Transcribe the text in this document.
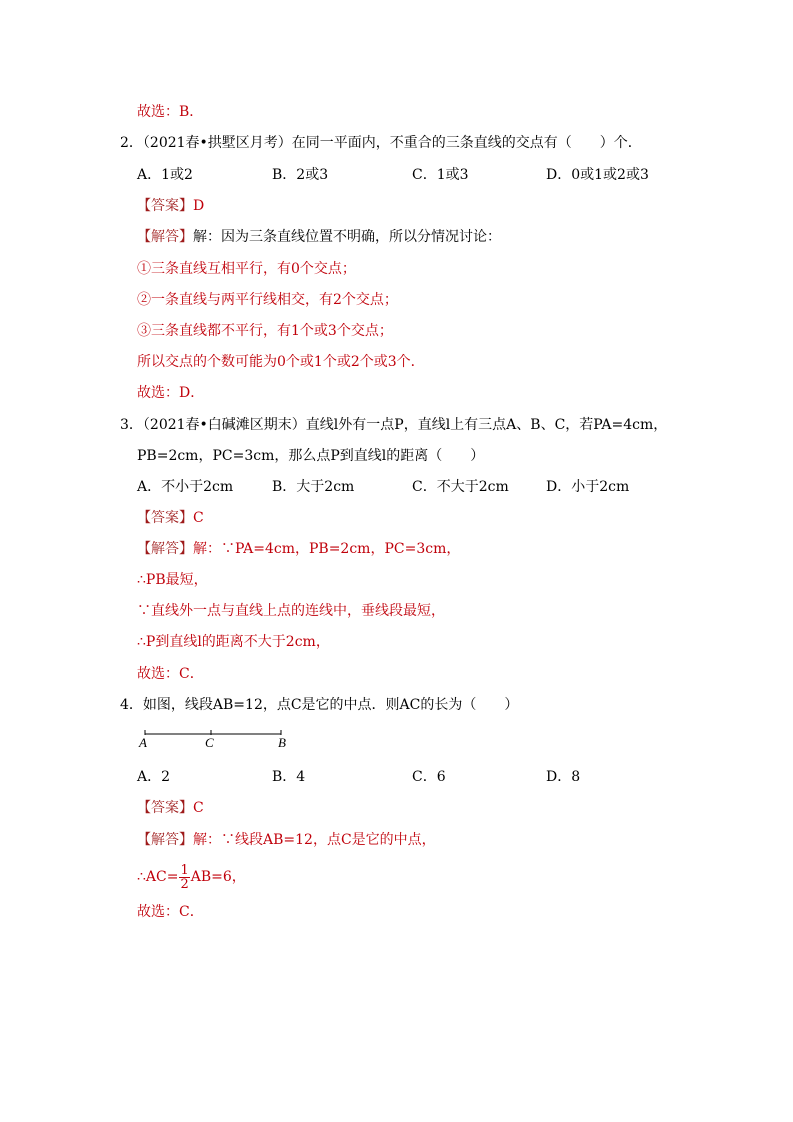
故选：B．
2．（2021春•拱墅区月考）在同一平面内，不重合的三条直线的交点有（　　）个．
A．1或2	B．2或3	C．1或3	D．0或1或2或3
【答案】D
【解答】解：因为三条直线位置不明确，所以分情况讨论：
①三条直线互相平行，有0个交点；
②一条直线与两平行线相交，有2个交点；
③三条直线都不平行，有1个或3个交点；
所以交点的个数可能为0个或1个或2个或3个．
故选：D．
3．（2021春•白碱滩区期末）直线l外有一点P，直线l上有三点A、B、C，若PA=4cm，
PB=2cm，PC=3cm，那么点P到直线l的距离（　　）
A．不小于2cm	B．大于2cm	C．不大于2cm	D．小于2cm
【答案】C
【解答】解：∵PA=4cm，PB=2cm，PC=3cm，
∴PB最短，
∵直线外一点与直线上点的连线中，垂线段最短，
∴P到直线l的距离不大于2cm，
故选：C．
4．如图，线段AB=12，点C是它的中点．则AC的长为（　　）
A	C	B
A．2	B．4	C．6	D．8
【答案】C
【解答】解：∵线段AB=12，点C是它的中点，
∴AC= $\frac{1}{2} AB=6$，
故选：C．
